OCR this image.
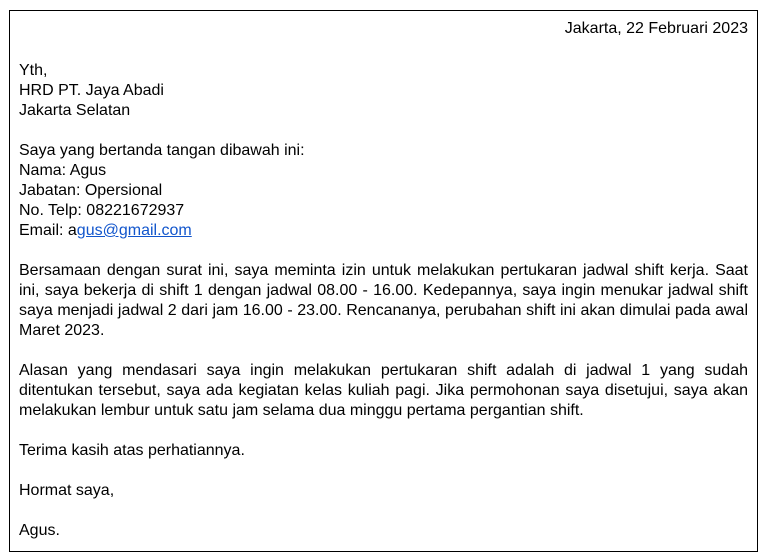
Jakarta, 22 Februari 2023

Yth,
HRD PT. Jaya Abadi
Jakarta Selatan
Saya yang bertanda tangan dibawah ini:
Nama: Agus
Jabatan: Opersional
No. Telp: 08221672937
Email: agus@gmail.com

Bersamaan dengan surat ini, saya meminta izin untuk melakukan pertukaran jadwal shift kerja. Saat ini, saya bekerja di shift 1 dengan jadwal 08.00 - 16.00. Kedepannya, saya ingin menukar jadwal shift saya menjadi jadwal 2 dari jam 16.00 - 23.00. Rencananya, perubahan shift ini akan dimulai pada awal Maret 2023.

Alasan yang mendasari saya ingin melakukan pertukaran shift adalah di jadwal 1 yang sudah ditentukan tersebut, saya ada kegiatan kelas kuliah pagi. Jika permohonan saya disetujui, saya akan melakukan lembur untuk satu jam selama dua minggu pertama pergantian shift.

Terima kasih atas perhatiannya.

Hormat saya,

Agus.
